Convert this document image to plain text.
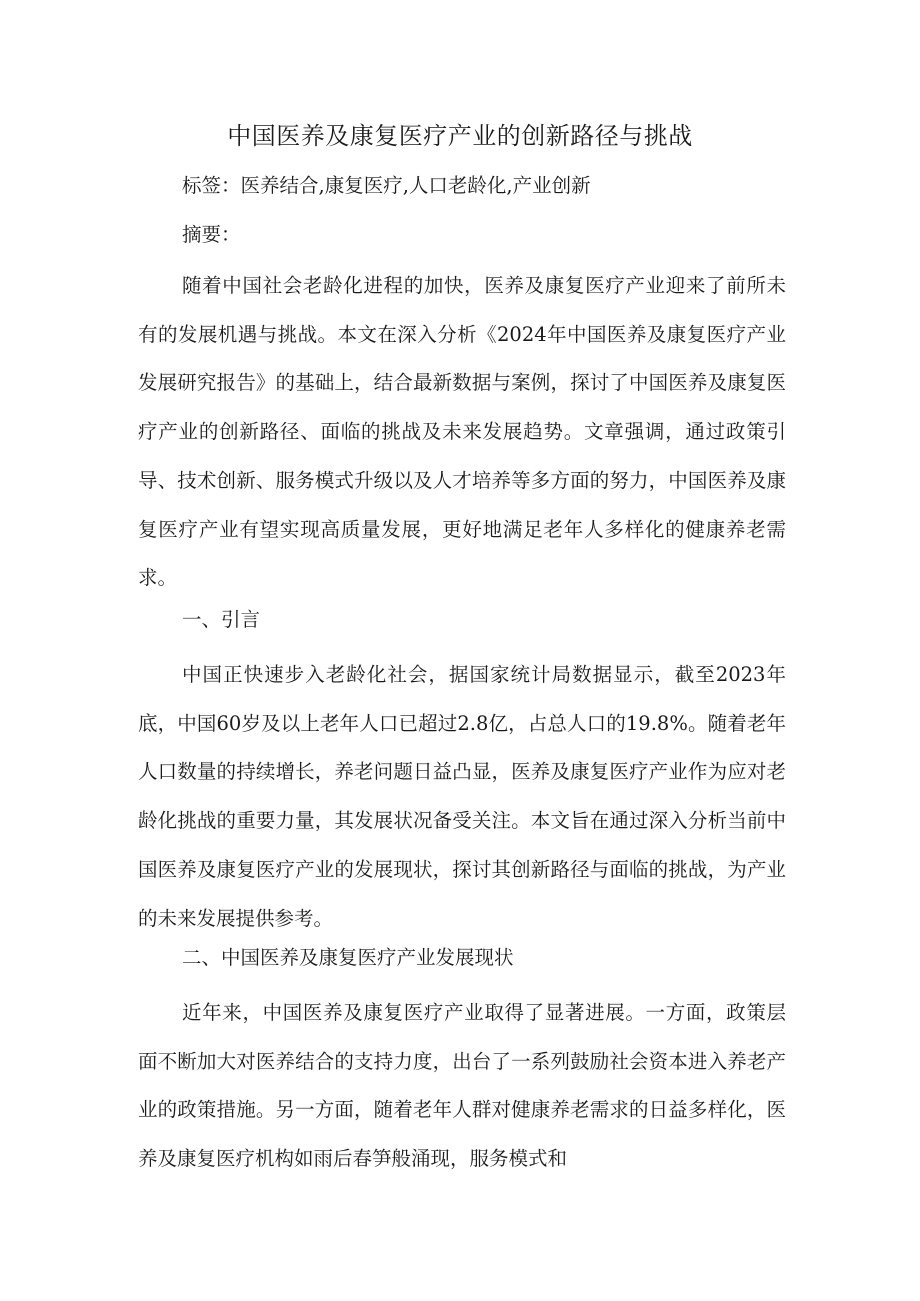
中国医养及康复医疗产业的创新路径与挑战
标签：医养结合,康复医疗,人口老龄化,产业创新
摘要：

随着中国社会老龄化进程的加快，医养及康复医疗产业迎来了前所未有的发展机遇与挑战。本文在深入分析《2024年中国医养及康复医疗产业发展研究报告》的基础上，结合最新数据与案例，探讨了中国医养及康复医疗产业的创新路径、面临的挑战及未来发展趋势。文章强调，通过政策引导、技术创新、服务模式升级以及人才培养等多方面的努力，中国医养及康复医疗产业有望实现高质量发展，更好地满足老年人多样化的健康养老需求。

一、引言

中国正快速步入老龄化社会，据国家统计局数据显示，截至2023年底，中国60岁及以上老年人口已超过2.8亿，占总人口的19.8%。随着老年人口数量的持续增长，养老问题日益凸显，医养及康复医疗产业作为应对老龄化挑战的重要力量，其发展状况备受关注。本文旨在通过深入分析当前中国医养及康复医疗产业的发展现状，探讨其创新路径与面临的挑战，为产业的未来发展提供参考。

二、中国医养及康复医疗产业发展现状

近年来，中国医养及康复医疗产业取得了显著进展。一方面，政策层面不断加大对医养结合的支持力度，出台了一系列鼓励社会资本进入养老产业的政策措施。另一方面，随着老年人群对健康养老需求的日益多样化，医养及康复医疗机构如雨后春笋般涌现，服务模式和
